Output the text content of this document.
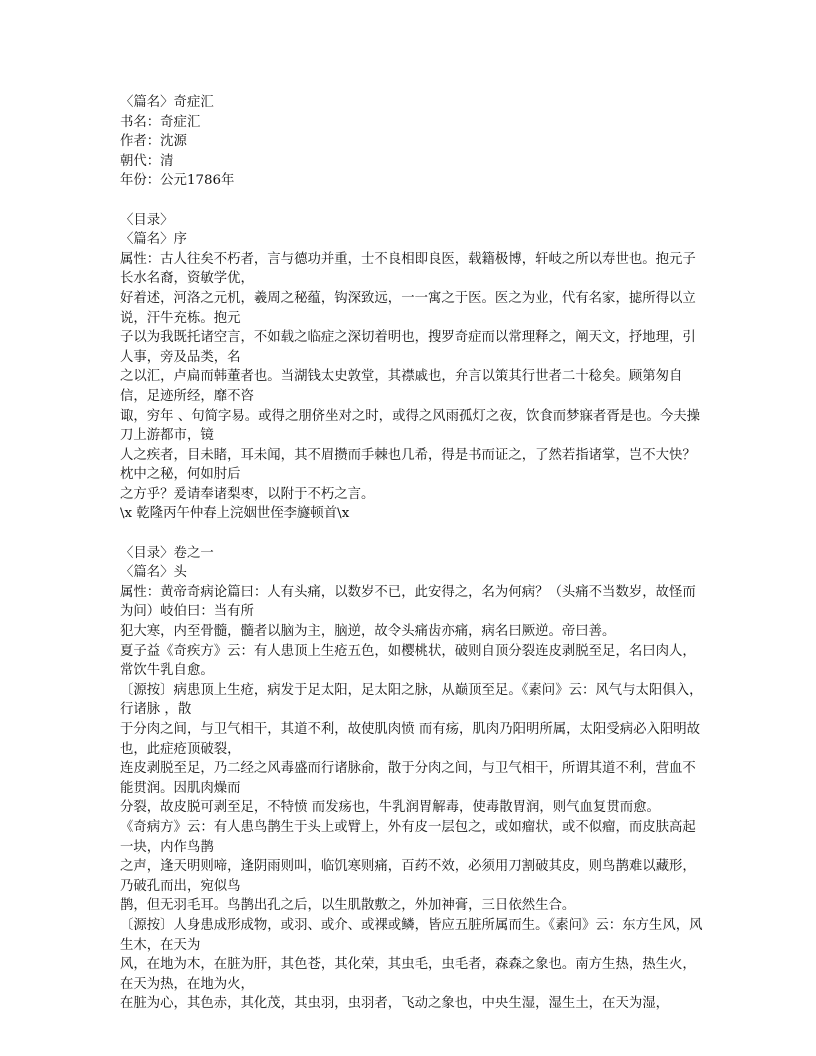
〈篇名〉奇症汇
书名：奇症汇
作者：沈源
朝代：清
年份：公元1786年
〈目录〉
〈篇名〉序
属性：古人往矣不朽者，言与德功并重，士不良相即良医，载籍极博，轩岐之所以寿世也。抱元子长水名裔，资敏学优，
好着述，河洛之元机，羲周之秘蕴，钩深致远，一一寓之于医。医之为业，代有名家，摅所得以立说，汗牛充栋。抱元
子以为我既托诸空言，不如载之临症之深切着明也，搜罗奇症而以常理释之，阐天文，抒地理，引人事，旁及品类，名
之以汇，卢扁而韩董者也。当湖钱太史敦堂，其襟戚也，弁言以策其行世者二十稔矣。顾第匆自信，足迹所经，靡不咨
诹，穷年 、句简字易。或得之朋侪坐对之时，或得之风雨孤灯之夜，饮食而梦寐者胥是也。今夫操刀上游都市，镜
人之疾者，目未睹，耳未闻，其不眉攒而手棘也几希，得是书而证之，了然若指诸掌，岂不大快？枕中之秘，何如肘后
之方乎？爰请奉诸梨枣，以附于不朽之言。
\x 乾隆丙午仲春上浣姻世侄李旞顿首\x
〈目录〉卷之一
〈篇名〉头
属性：黄帝奇病论篇曰：人有头痛，以数岁不已，此安得之，名为何病？（头痛不当数岁，故怪而为问）岐伯曰：当有所
犯大寒，内至骨髓，髓者以脑为主，脑逆，故令头痛齿亦痛，病名曰厥逆。帝曰善。
夏子益《奇疾方》云：有人患顶上生疮五色，如樱桃状，破则自顶分裂连皮剥脱至足，名曰肉人，常饮牛乳自愈。
〔源按〕病患顶上生疮，病发于足太阳，足太阳之脉，从巅顶至足。《素问》云：风气与太阳俱入，行诸脉 ，散
于分肉之间，与卫气相干，其道不利，故使肌肉愤 而有疡，肌肉乃阳明所属，太阳受病必入阳明故也，此症疮顶破裂，
连皮剥脱至足，乃二经之风毒盛而行诸脉俞，散于分肉之间，与卫气相干，所谓其道不利，营血不能贯润。因肌肉燥而
分裂，故皮脱可剥至足，不特愤 而发疡也，牛乳润胃解毒，使毒散胃润，则气血复贯而愈。
《奇病方》云：有人患鸟鹊生于头上或臂上，外有皮一层包之，或如瘤状，或不似瘤，而皮肤高起一块，内作鸟鹊
之声，逢天明则啼，逢阴雨则叫，临饥寒则痛，百药不效，必须用刀割破其皮，则鸟鹊难以藏形，乃破孔而出，宛似鸟
鹊，但无羽毛耳。鸟鹊出孔之后，以生肌散敷之，外加神膏，三日依然生合。
〔源按〕人身患成形成物，或羽、或介、或裸或鳞，皆应五脏所属而生。《素问》云：东方生风，风生木，在天为
风，在地为木，在脏为肝，其色苍，其化荣，其虫毛，虫毛者，森森之象也。南方生热，热生火，在天为热，在地为火，
在脏为心，其色赤，其化茂，其虫羽，虫羽者，飞动之象也，中央生湿，湿生土，在天为湿，
